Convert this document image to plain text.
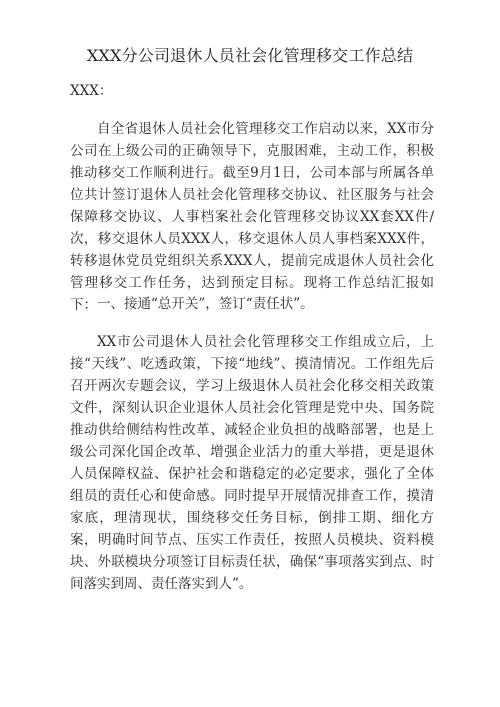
XXX分公司退休人员社会化管理移交工作总结
XXX：

自全省退休人员社会化管理移交工作启动以来，XX市分公司在上级公司的正确领导下，克服困难，主动工作，积极推动移交工作顺利进行。截至9月1日，公司本部与所属各单位共计签订退休人员社会化管理移交协议、社区服务与社会保障移交协议、人事档案社会化管理移交协议XX套XX件/次，移交退休人员XXX人，移交退休人员人事档案XXX件，转移退休党员党组织关系XXX人，提前完成退休人员社会化管理移交工作任务，达到预定目标。现将工作总结汇报如下： 一、接通“总开关”，签订“责任状”。

XX市公司退休人员社会化管理移交工作组成立后，上接“天线”、吃透政策，下接“地线”、摸清情况。工作组先后召开两次专题会议，学习上级退休人员社会化移交相关政策文件，深刻认识企业退休人员社会化管理是党中央、国务院推动供给侧结构性改革、减轻企业负担的战略部署，也是上级公司深化国企改革、增强企业活力的重大举措，更是退休人员保障权益、保护社会和谐稳定的必定要求，强化了全体组员的责任心和使命感。同时提早开展情况排查工作，摸清家底，理清现状，围绕移交任务目标，倒排工期、细化方案，明确时间节点、压实工作责任，按照人员模块、资料模块、外联模块分项签订目标责任状，确保“事项落实到点、时间落实到周、责任落实到人”。
